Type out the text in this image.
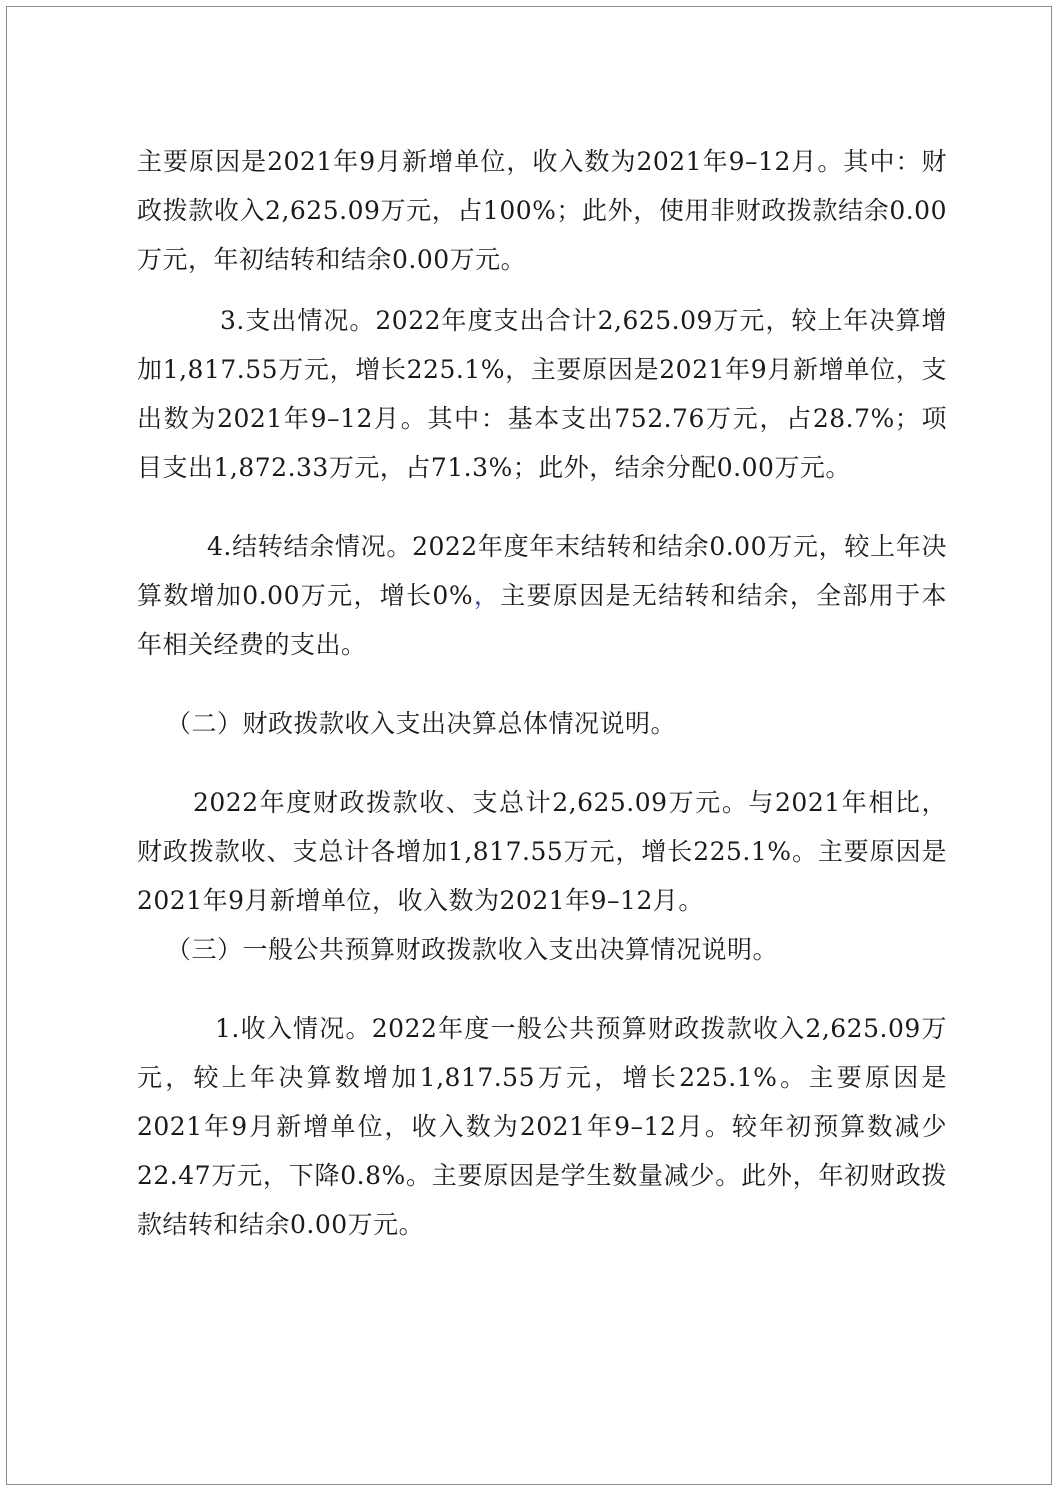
主要原因是2021年9月新增单位，收入数为2021年9–12月。其中：财政拨款收入2,625.09万元，占100%；此外，使用非财政拨款结余0.00万元，年初结转和结余0.00万元。

3.支出情况。2022年度支出合计2,625.09万元，较上年决算增加1,817.55万元，增长225.1%，主要原因是2021年9月新增单位，支出数为2021年9–12月。其中：基本支出752.76万元，占28.7%；项目支出1,872.33万元，占71.3%；此外，结余分配0.00万元。

4.结转结余情况。2022年度年末结转和结余0.00万元，较上年决算数增加0.00万元，增长0%，主要原因是无结转和结余，全部用于本年相关经费的支出。

（二）财政拨款收入支出决算总体情况说明。

2022年度财政拨款收、支总计2,625.09万元。与2021年相比，财政拨款收、支总计各增加1,817.55万元，增长225.1%。主要原因是2021年9月新增单位，收入数为2021年9–12月。

（三）一般公共预算财政拨款收入支出决算情况说明。

1.收入情况。2022年度一般公共预算财政拨款收入2,625.09万元，较上年决算数增加1,817.55万元，增长225.1%。主要原因是2021年9月新增单位，收入数为2021年9–12月。较年初预算数减少22.47万元，下降0.8%。主要原因是学生数量减少。此外，年初财政拨款结转和结余0.00万元。
